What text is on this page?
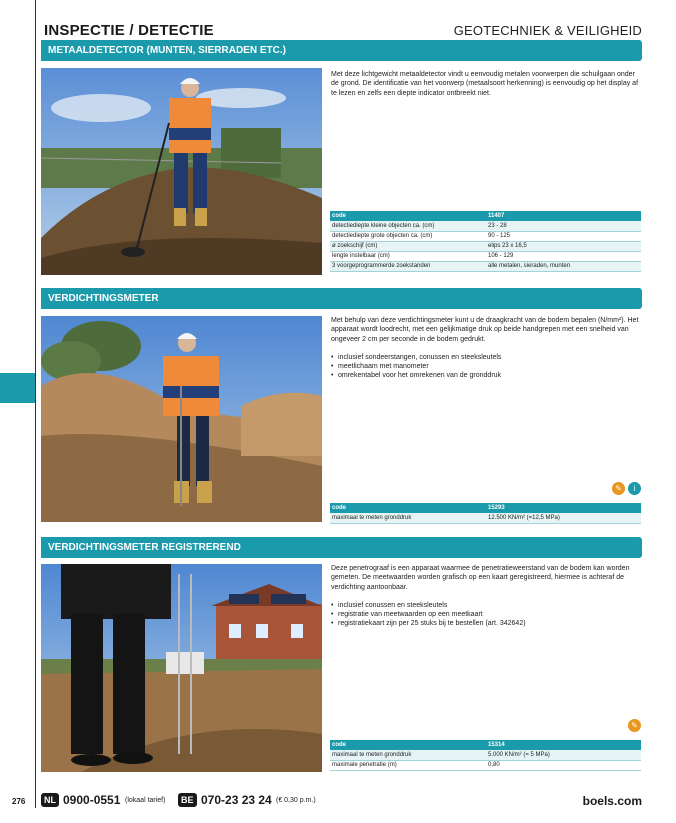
INSPECTIE / DETECTIE	GEOTECHNIEK & VEILIGHEID
METAALDETECTOR (MUNTEN, SIERRADEN ETC.)
Met deze lichtgewicht metaaldetector vindt u eenvoudig metalen voorwerpen die schuilgaan onder de grond. De identificatie van het voorwerp (metaalsoort herkenning) is eenvoudig op het display af te lezen en zelfs een diepte indicator ontbreekt niet.
code	11407
detectiediepte kleine objecten ca. (cm)	23 - 28
detectiediepte grote objecten ca. (cm)	90 - 125
ø zoekschijf (cm)	elips 23 x 16,5
lengte instelbaar (cm)	106 - 129
3 voorgeprogrammerde zoekstanden	alle metalen, sieraden, munten
VERDICHTINGSMETER
Met behulp van deze verdichtingsmeter kunt u de draagkracht van de bodem bepalen (N/mm²). Het apparaat wordt loodrecht, met een gelijkmatige druk op beide handgrepen met een snelheid van ongeveer 2 cm per seconde in de bodem gedrukt.
• inclusief sondeerstangen, conussen en steeksleutels
• meetlichaam met manometer
• omrekentabel voor het omrekenen van de gronddruk
✎	i
code	15293
maximaal te meten gronddruk	12.500 KN/m² (=12,5 MPa)
VERDICHTINGSMETER REGISTREREND
Deze penetrograaf is een apparaat waarmee de penetratieweerstand van de bodem kan worden gemeten. De meetwaarden worden grafisch op een kaart geregistreerd, hiermee is achteraf de verdichting aantoonbaar.
• inclusief conussen en steeksleutels
• registratie van meetwaarden op een meetkaart
• registratiekaart zijn per 25 stuks bij te bestellen (art. 342642)
✎
code	15314
maximaal te meten gronddruk	5.000 KN/m² (= 5 MPa)
maximale penetratie (m)	0,80
276	NL 0900-0551 (lokaal tarief)	BE 070-23 23 24 (€ 0,30 p.m.)	boels.com
